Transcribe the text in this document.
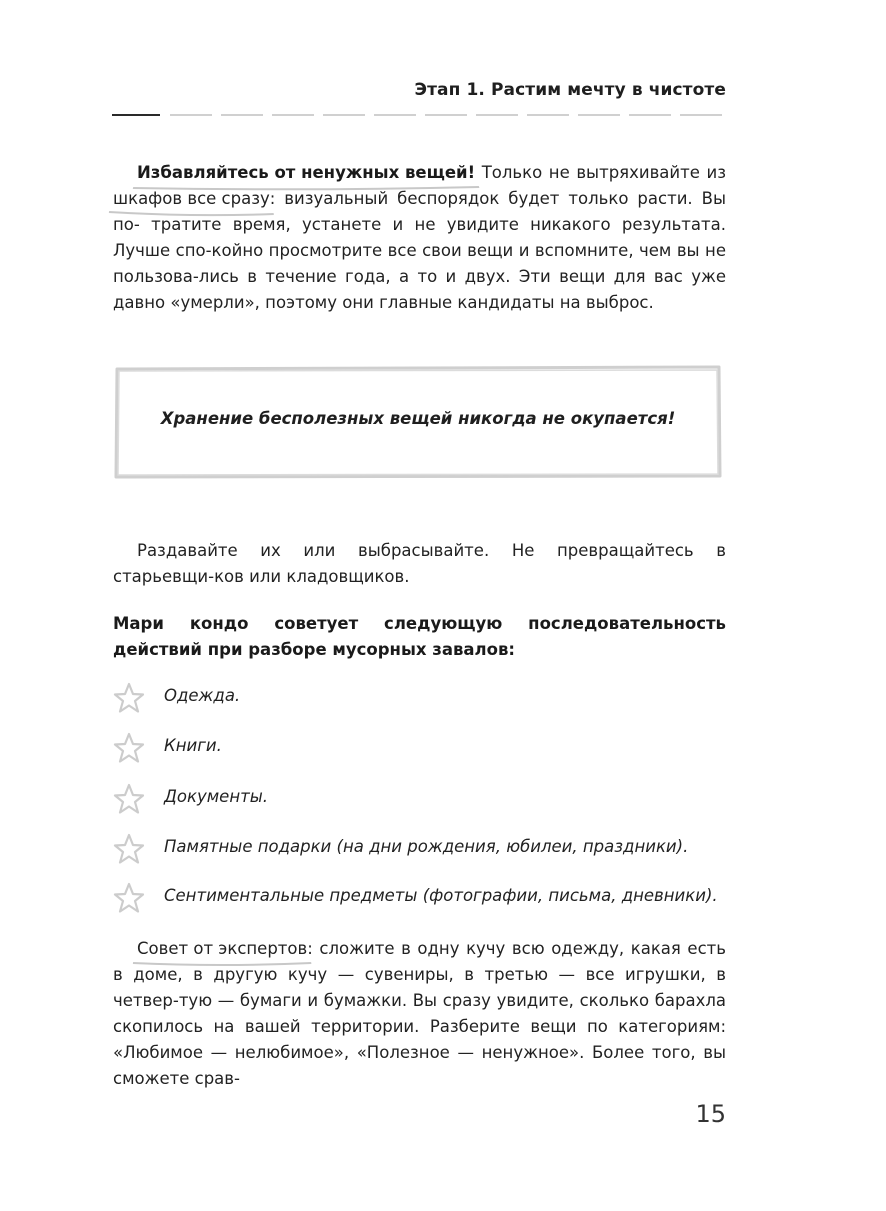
Этап 1. Растим мечту в чистоте

Избавляйтесь от ненужных вещей!
Только не вытряхивайте из шкафов все сразу
: визуальный беспорядок будет только расти. Вы по- тратите время, устанете и не увидите никакого результата. Лучше спо-койно просмотрите все свои вещи и вспомните, чем вы не пользова-лись в течение года, а то и двух. Эти вещи для вас уже давно «умерли», поэтому они главные кандидаты на выброс.

Хранение бесполезных вещей никогда не окупается!

Раздавайте их или выбрасывайте. Не превращайтесь в старьевщи-ков или кладовщиков.

Мари кондо советует следующую последовательность действий при разборе мусорных завалов:

Одежда.
Книги.
Документы.
Памятные подарки (на дни рождения, юбилеи, праздники).
Сентиментальные предметы (фотографии, письма, дневники).

Совет от экспертов
: сложите в одну кучу всю одежду, какая есть в доме, в другую кучу — сувениры, в третью — все игрушки, в четвер-тую — бумаги и бумажки. Вы сразу увидите, сколько барахла скопилось на вашей территории. Разберите вещи по категориям: «Любимое — нелюбимое», «Полезное — ненужное». Более того, вы сможете срав-

15
